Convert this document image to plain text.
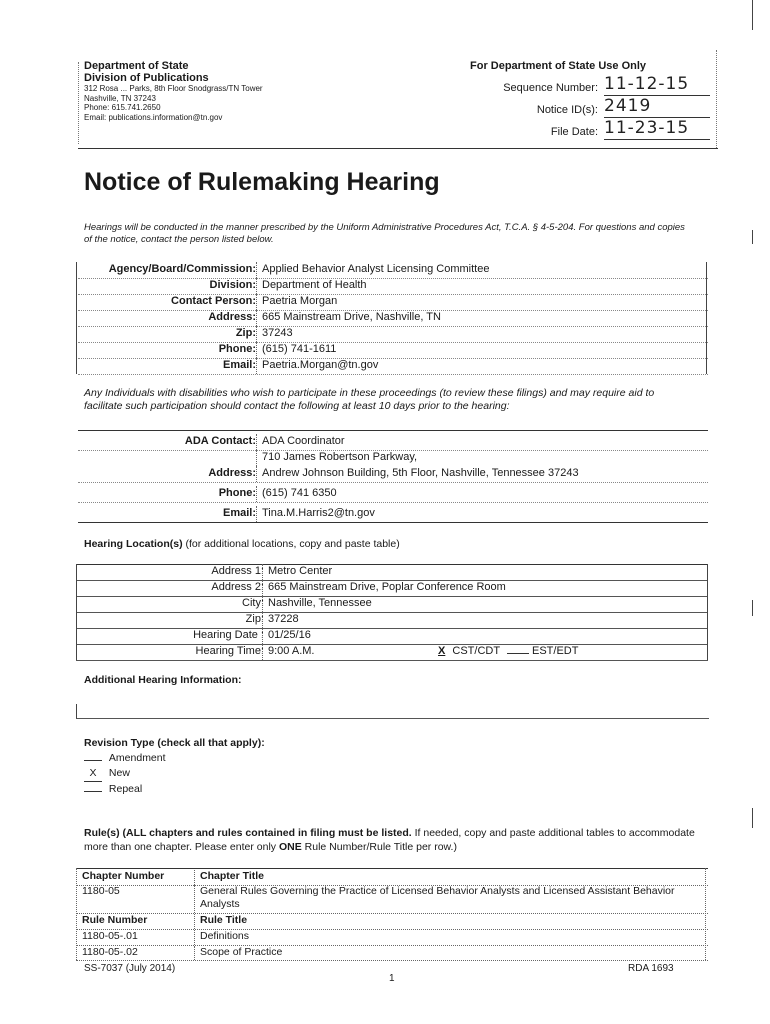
Department of State
Division of Publications
312 Rosa ... Parks, 8th Floor Snodgrass/TN Tower
Nashville, TN 37243
Phone: 615.741.2650
Email: publications.information@tn.gov
For Department of State Use Only
Sequence Number: 11-12-15
Notice ID(s): 2419
File Date: 11-23-15
Notice of Rulemaking Hearing
Hearings will be conducted in the manner prescribed by the Uniform Administrative Procedures Act, T.C.A. § 4-5-204. For questions and copies of the notice, contact the person listed below.
Agency/Board/Commission: Applied Behavior Analyst Licensing Committee
Division: Department of Health
Contact Person: Paetria Morgan
Address: 665 Mainstream Drive, Nashville, TN
Zip: 37243
Phone: (615) 741-1611
Email: Paetria.Morgan@tn.gov
Any Individuals with disabilities who wish to participate in these proceedings (to review these filings) and may require aid to facilitate such participation should contact the following at least 10 days prior to the hearing:
ADA Contact: ADA Coordinator
710 James Robertson Parkway,
Address: Andrew Johnson Building, 5th Floor, Nashville, Tennessee 37243
Phone: (615) 741 6350
Email: Tina.M.Harris2@tn.gov
Hearing Location(s) (for additional locations, copy and paste table)
Address 1: Metro Center
Address 2: 665 Mainstream Drive, Poplar Conference Room
City: Nashville, Tennessee
Zip: 37228
Hearing Date : 01/25/16
Hearing Time: 9:00 A.M.	X CST/CDT	EST/EDT
Additional Hearing Information:
Revision Type (check all that apply):
Amendment
X New
Repeal
Rule(s) (ALL chapters and rules contained in filing must be listed. If needed, copy and paste additional tables to accommodate more than one chapter. Please enter only ONE Rule Number/Rule Title per row.)
Chapter Number	Chapter Title
1180-05	General Rules Governing the Practice of Licensed Behavior Analysts and Licensed Assistant Behavior Analysts
Rule Number	Rule Title
1180-05-.01	Definitions
1180-05-.02	Scope of Practice
SS-7037 (July 2014)
1
RDA 1693
